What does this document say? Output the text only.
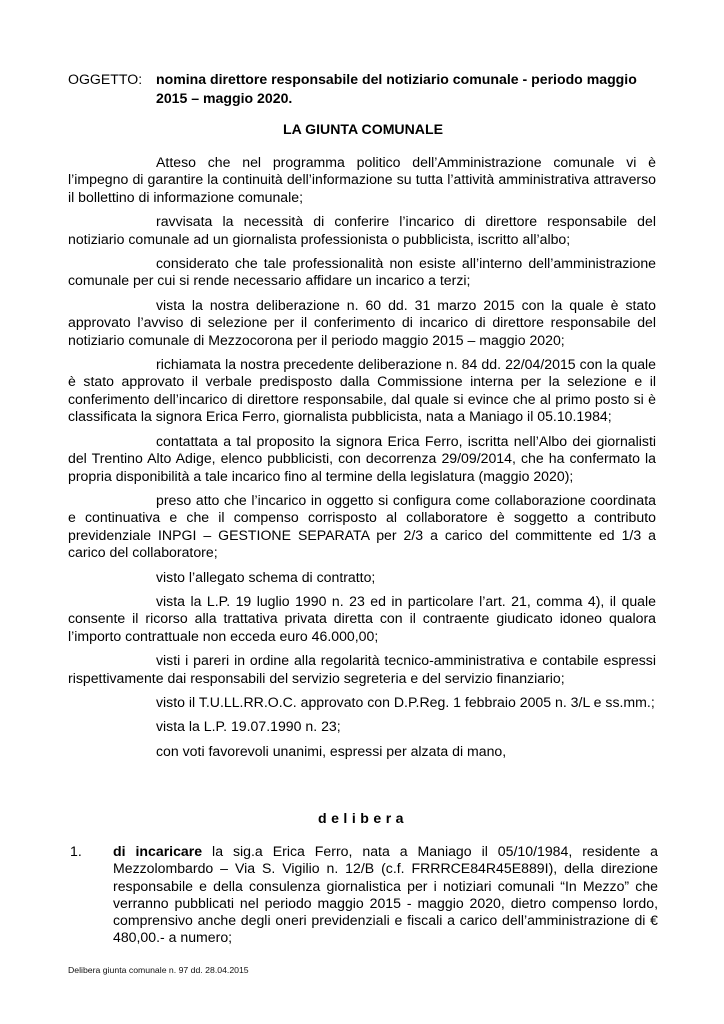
OGGETTO: nomina direttore responsabile del notiziario comunale - periodo maggio 2015 – maggio 2020.
LA GIUNTA COMUNALE

Atteso che nel programma politico dell’Amministrazione comunale vi è l’impegno di garantire la continuità dell’informazione su tutta l’attività amministrativa attraverso il bollettino di informazione comunale;

ravvisata la necessità di conferire l’incarico di direttore responsabile del notiziario comunale ad un giornalista professionista o pubblicista, iscritto all’albo;

considerato che tale professionalità non esiste all’interno dell’amministrazione comunale per cui si rende necessario affidare un incarico a terzi;

vista la nostra deliberazione n. 60 dd. 31 marzo 2015 con la quale è stato approvato l’avviso di selezione per il conferimento di incarico di direttore responsabile del notiziario comunale di Mezzocorona per il periodo maggio 2015 – maggio 2020;

richiamata la nostra precedente deliberazione n. 84 dd. 22/04/2015 con la quale è stato approvato il verbale predisposto dalla Commissione interna per la selezione e il conferimento dell’incarico di direttore responsabile, dal quale si evince che al primo posto si è classificata la signora Erica Ferro, giornalista pubblicista, nata a Maniago il 05.10.1984;

contattata a tal proposito la signora Erica Ferro, iscritta nell’Albo dei giornalisti del Trentino Alto Adige, elenco pubblicisti, con decorrenza 29/09/2014, che ha confermato la propria disponibilità a tale incarico fino al termine della legislatura (maggio 2020);

preso atto che l’incarico in oggetto si configura come collaborazione coordinata e continuativa e che il compenso corrisposto al collaboratore è soggetto a contributo previdenziale INPGI – GESTIONE SEPARATA per 2/3 a carico del committente ed 1/3 a carico del collaboratore;

visto l’allegato schema di contratto;

vista la L.P. 19 luglio 1990 n. 23 ed in particolare l’art. 21, comma 4), il quale consente il ricorso alla trattativa privata diretta con il contraente giudicato idoneo qualora l’importo contrattuale non ecceda euro 46.000,00;

visti i pareri in ordine alla regolarità tecnico-amministrativa e contabile espressi rispettivamente dai responsabili del servizio segreteria e del servizio finanziario;

visto il T.U.LL.RR.O.C. approvato con D.P.Reg. 1 febbraio 2005 n. 3/L e ss.mm.;

vista la L.P. 19.07.1990 n. 23;

con voti favorevoli unanimi, espressi per alzata di mano,

delibera
1. di incaricare la sig.a Erica Ferro, nata a Maniago il 05/10/1984, residente a Mezzolombardo – Via S. Vigilio n. 12/B (c.f. FRRRCE84R45E889I), della direzione responsabile e della consulenza giornalistica per i notiziari comunali “In Mezzo” che verranno pubblicati nel periodo maggio 2015 - maggio 2020, dietro compenso lordo, comprensivo anche degli oneri previdenziali e fiscali a carico dell’amministrazione di € 480,00.- a numero;
Delibera giunta comunale n. 97 dd. 28.04.2015
